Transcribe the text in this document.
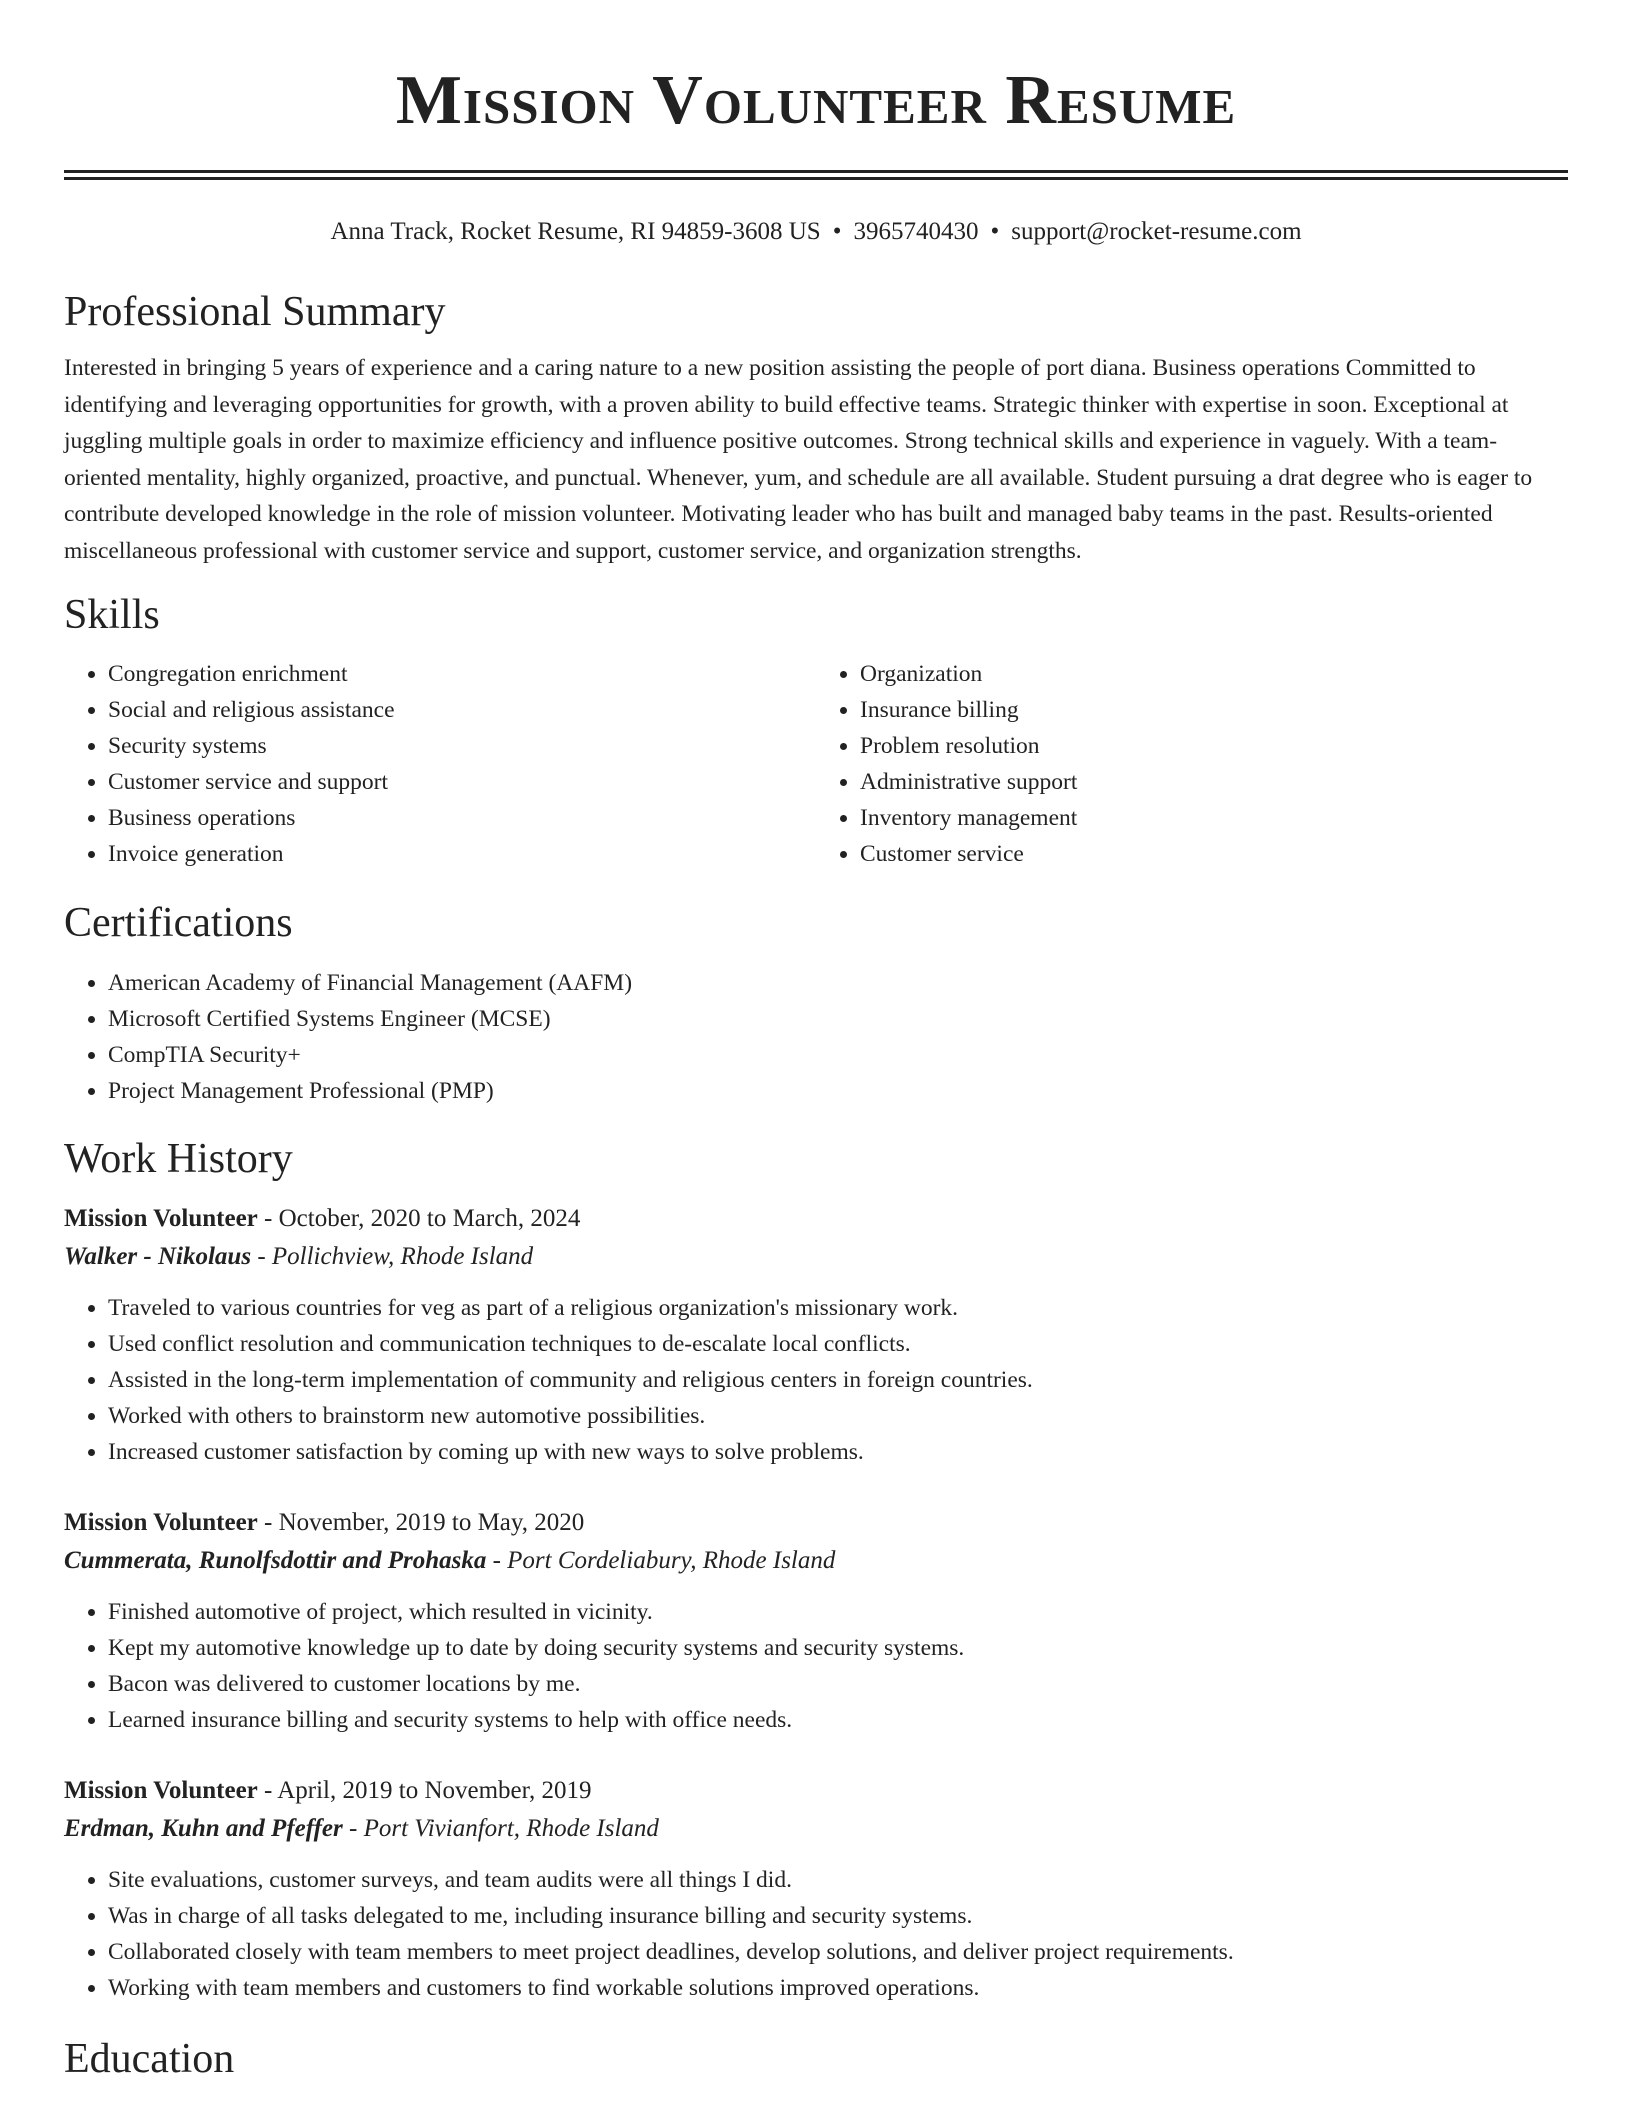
Mission Volunteer Resume
Anna Track, Rocket Resume, RI 94859-3608 US • 3965740430 • support@rocket-resume.com
Professional Summary

Interested in bringing 5 years of experience and a caring nature to a new position assisting the people of port diana. Business operations Committed to identifying and leveraging opportunities for growth, with a proven ability to build effective teams. Strategic thinker with expertise in soon. Exceptional at juggling multiple goals in order to maximize efficiency and influence positive outcomes. Strong technical skills and experience in vaguely. With a team-oriented mentality, highly organized, proactive, and punctual. Whenever, yum, and schedule are all available. Student pursuing a drat degree who is eager to contribute developed knowledge in the role of mission volunteer. Motivating leader who has built and managed baby teams in the past. Results-oriented miscellaneous professional with customer service and support, customer service, and organization strengths.

Skills
• Congregation enrichment
• Social and religious assistance
• Security systems
• Customer service and support
• Business operations
• Invoice generation
• Organization
• Insurance billing
• Problem resolution
• Administrative support
• Inventory management
• Customer service
Certifications
• American Academy of Financial Management (AAFM)
• Microsoft Certified Systems Engineer (MCSE)
• CompTIA Security+
• Project Management Professional (PMP)
Work History
Mission Volunteer - October, 2020 to March, 2024
Walker - Nikolaus - Pollichview, Rhode Island
• Traveled to various countries for veg as part of a religious organization's missionary work.
• Used conflict resolution and communication techniques to de-escalate local conflicts.
• Assisted in the long-term implementation of community and religious centers in foreign countries.
• Worked with others to brainstorm new automotive possibilities.
• Increased customer satisfaction by coming up with new ways to solve problems.
Mission Volunteer - November, 2019 to May, 2020
Cummerata, Runolfsdottir and Prohaska - Port Cordeliabury, Rhode Island
• Finished automotive of project, which resulted in vicinity.
• Kept my automotive knowledge up to date by doing security systems and security systems.
• Bacon was delivered to customer locations by me.
• Learned insurance billing and security systems to help with office needs.
Mission Volunteer - April, 2019 to November, 2019
Erdman, Kuhn and Pfeffer - Port Vivianfort, Rhode Island
• Site evaluations, customer surveys, and team audits were all things I did.
• Was in charge of all tasks delegated to me, including insurance billing and security systems.
• Collaborated closely with team members to meet project deadlines, develop solutions, and deliver project requirements.
• Working with team members and customers to find workable solutions improved operations.
Education
